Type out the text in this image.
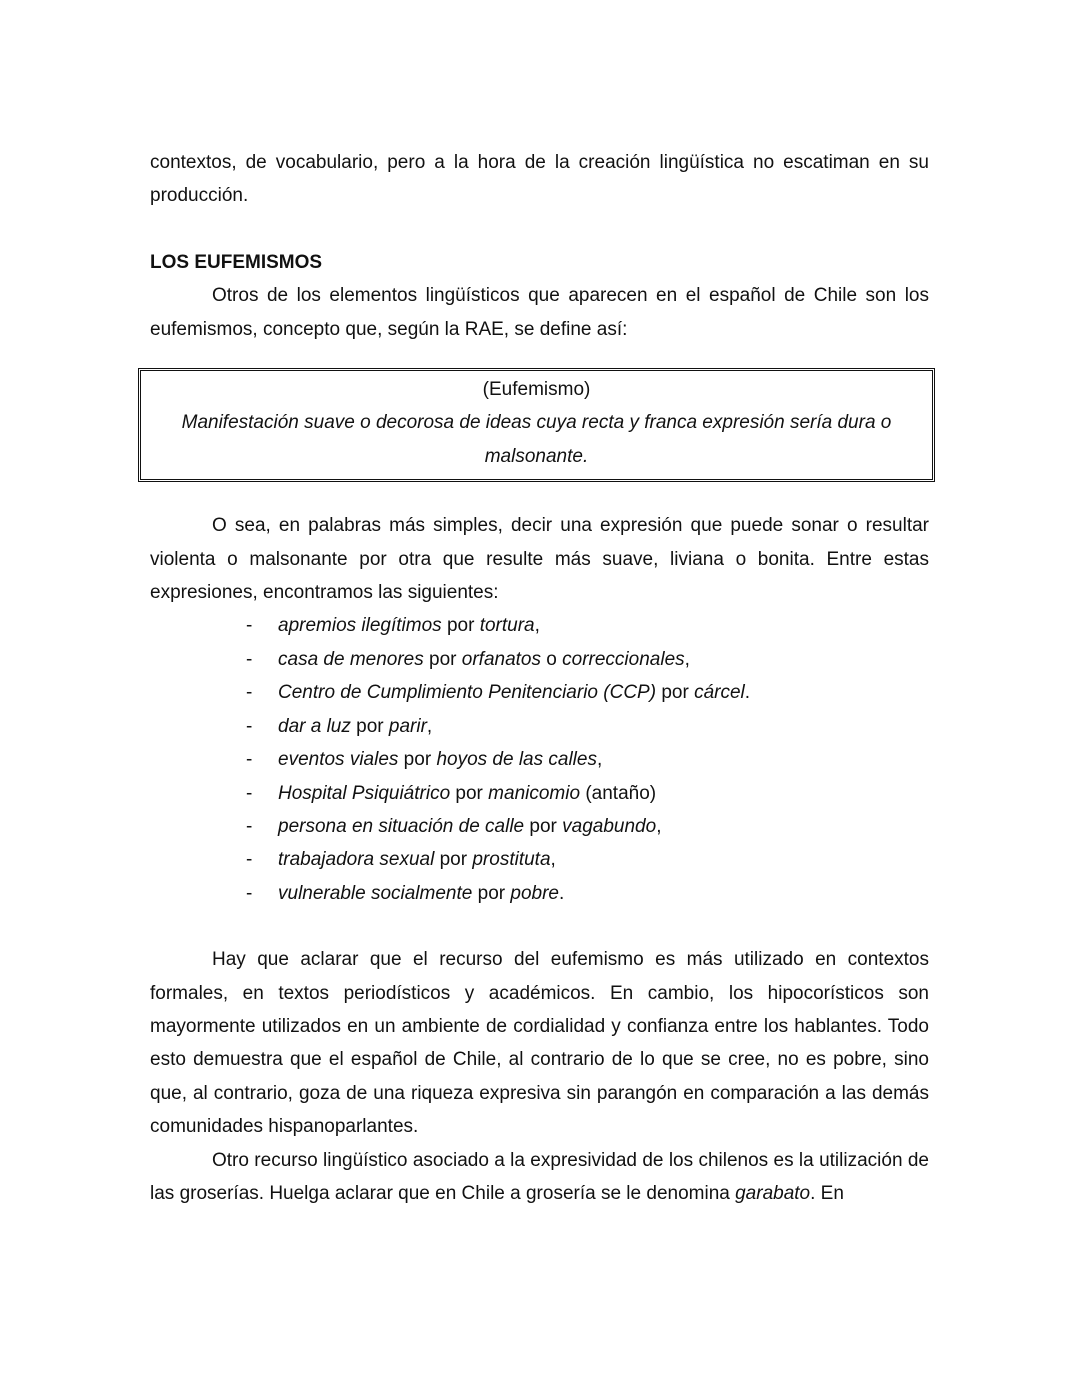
contextos, de vocabulario, pero a la hora de la creación lingüística no escatiman en su producción.

LOS EUFEMISMOS

Otros de los elementos lingüísticos que aparecen en el español de Chile son los eufemismos, concepto que, según la RAE, se define así:

(Eufemismo)
Manifestación suave o decorosa de ideas cuya recta y franca expresión sería dura o malsonante.

O sea, en palabras más simples, decir una expresión que puede sonar o resultar violenta o malsonante por otra que resulte más suave, liviana o bonita. Entre estas expresiones, encontramos las siguientes:

- apremios ilegítimos por tortura,
- casa de menores por orfanatos o correccionales,
- Centro de Cumplimiento Penitenciario (CCP) por cárcel.
- dar a luz por parir,
- eventos viales por hoyos de las calles,
- Hospital Psiquiátrico por manicomio (antaño)
- persona en situación de calle por vagabundo,
- trabajadora sexual por prostituta,
- vulnerable socialmente por pobre.

Hay que aclarar que el recurso del eufemismo es más utilizado en contextos formales, en textos periodísticos y académicos. En cambio, los hipocorísticos son mayormente utilizados en un ambiente de cordialidad y confianza entre los hablantes. Todo esto demuestra que el español de Chile, al contrario de lo que se cree, no es pobre, sino que, al contrario, goza de una riqueza expresiva sin parangón en comparación a las demás comunidades hispanoparlantes.

Otro recurso lingüístico asociado a la expresividad de los chilenos es la utilización de las groserías. Huelga aclarar que en Chile a grosería se le denomina garabato. En
